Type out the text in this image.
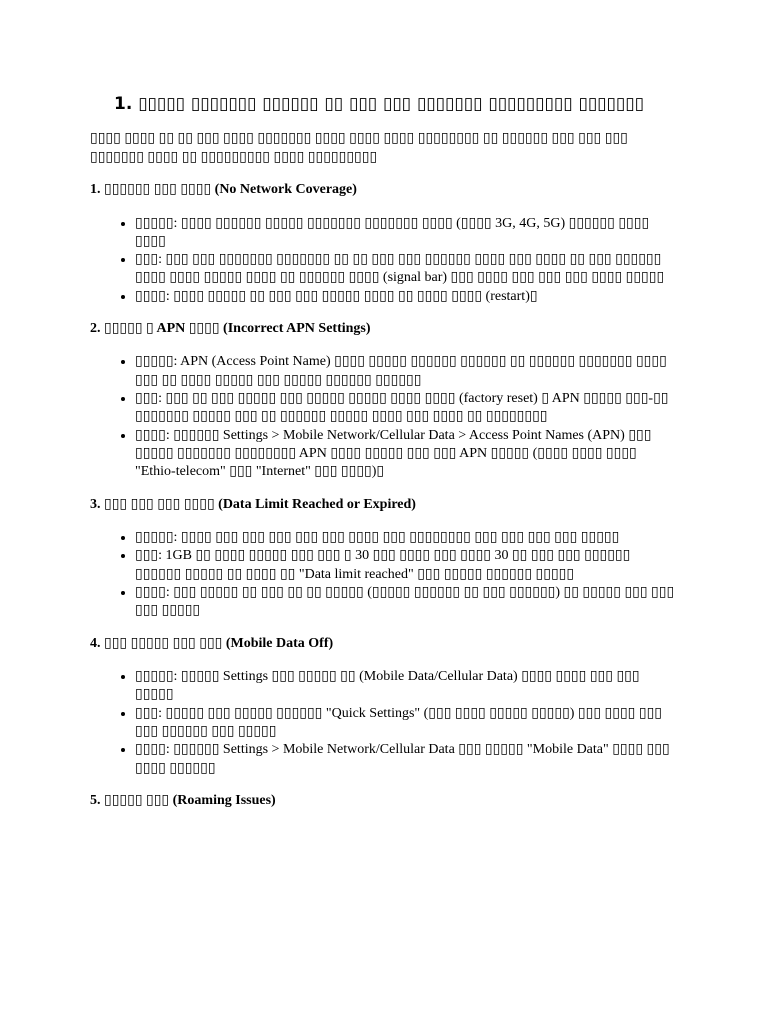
1. ▯▯▯▯▯ ▯▯▯▯▯▯▯ ▯▯▯▯▯▯ ▯▯ ▯▯▯ ▯▯▯ ▯▯▯▯▯▯▯ ▯▯▯▯▯▯▯▯▯ ▯▯▯▯▯▯▯

▯▯▯▯ ▯▯▯▯ ▯▯ ▯▯ ▯▯▯ ▯▯▯▯ ▯▯▯▯▯▯▯ ▯▯▯▯ ▯▯▯▯ ▯▯▯▯ ▯▯▯▯▯▯▯▯ ▯▯ ▯▯▯▯▯▯ ▯▯▯ ▯▯▯ ▯▯▯ ▯▯▯▯▯▯▯ ▯▯▯▯ ▯▯ ▯▯▯▯▯▯▯▯▯ ▯▯▯▯ ▯▯▯▯▯▯▯▯▯

1. ▯▯▯▯▯▯ ▯▯▯ ▯▯▯▯ (No Network Coverage)
• ▯▯▯▯▯: ▯▯▯▯ ▯▯▯▯▯▯ ▯▯▯▯▯ ▯▯▯▯▯▯▯ ▯▯▯▯▯▯▯ ▯▯▯▯ (▯▯▯▯ 3G, 4G, 5G) ▯▯▯▯▯▯ ▯▯▯▯ ▯▯▯▯
• ▯▯▯: ▯▯▯ ▯▯▯ ▯▯▯▯▯▯▯ ▯▯▯▯▯▯▯ ▯▯ ▯▯ ▯▯▯ ▯▯▯ ▯▯▯▯▯▯ ▯▯▯▯ ▯▯▯ ▯▯▯▯ ▯▯ ▯▯▯ ▯▯▯▯▯▯ ▯▯▯▯ ▯▯▯▯ ▯▯▯▯▯ ▯▯▯▯ ▯▯ ▯▯▯▯▯▯ ▯▯▯▯ (signal bar) ▯▯▯ ▯▯▯▯ ▯▯▯ ▯▯▯ ▯▯▯ ▯▯▯▯ ▯▯▯▯▯
• ▯▯▯▯: ▯▯▯▯ ▯▯▯▯▯ ▯▯ ▯▯▯ ▯▯▯ ▯▯▯▯▯ ▯▯▯▯ ▯▯ ▯▯▯▯ ▯▯▯▯ (restart)▯
2. ▯▯▯▯▯ ▯ APN ▯▯▯▯ (Incorrect APN Settings)
• ▯▯▯▯▯: APN (Access Point Name) ▯▯▯▯ ▯▯▯▯▯ ▯▯▯▯▯▯ ▯▯▯▯▯▯ ▯▯ ▯▯▯▯▯▯ ▯▯▯▯▯▯▯ ▯▯▯▯ ▯▯▯ ▯▯ ▯▯▯▯ ▯▯▯▯▯ ▯▯▯ ▯▯▯▯▯ ▯▯▯▯▯▯ ▯▯▯▯▯▯
• ▯▯▯: ▯▯▯ ▯▯ ▯▯▯ ▯▯▯▯▯ ▯▯▯ ▯▯▯▯▯ ▯▯▯▯▯ ▯▯▯▯ ▯▯▯▯ (factory reset) ▯ APN ▯▯▯▯▯ ▯▯▯-▯▯ ▯▯▯▯▯▯▯ ▯▯▯▯▯ ▯▯▯ ▯▯ ▯▯▯▯▯▯ ▯▯▯▯▯ ▯▯▯▯ ▯▯▯ ▯▯▯▯ ▯▯ ▯▯▯▯▯▯▯▯
• ▯▯▯▯: ▯▯▯▯▯▯ Settings > Mobile Network/Cellular Data > Access Point Names (APN) ▯▯▯ ▯▯▯▯▯ ▯▯▯▯▯▯▯ ▯▯▯▯▯▯▯▯ APN ▯▯▯▯ ▯▯▯▯▯ ▯▯▯ ▯▯▯ APN ▯▯▯▯▯ (▯▯▯▯ ▯▯▯▯ ▯▯▯▯ "Ethio-telecom" ▯▯▯ "Internet" ▯▯▯ ▯▯▯▯)▯
3. ▯▯▯ ▯▯▯ ▯▯▯ ▯▯▯▯ (Data Limit Reached or Expired)
• ▯▯▯▯▯: ▯▯▯▯ ▯▯▯ ▯▯▯ ▯▯▯ ▯▯▯ ▯▯▯ ▯▯▯▯ ▯▯▯ ▯▯▯▯▯▯▯▯ ▯▯▯ ▯▯▯ ▯▯▯ ▯▯▯ ▯▯▯▯▯
• ▯▯▯: 1GB ▯▯ ▯▯▯▯ ▯▯▯▯▯ ▯▯▯ ▯▯▯ ▯ 30 ▯▯▯ ▯▯▯▯ ▯▯▯ ▯▯▯▯ 30 ▯▯ ▯▯▯ ▯▯▯ ▯▯▯▯▯▯ ▯▯▯▯▯▯ ▯▯▯▯▯ ▯▯ ▯▯▯▯ ▯▯ "Data limit reached" ▯▯▯ ▯▯▯▯▯ ▯▯▯▯▯▯ ▯▯▯▯▯
• ▯▯▯▯: ▯▯▯ ▯▯▯▯▯ ▯▯ ▯▯▯ ▯▯ ▯▯ ▯▯▯▯▯ (▯▯▯▯▯ ▯▯▯▯▯▯ ▯▯ ▯▯▯ ▯▯▯▯▯▯) ▯▯ ▯▯▯▯▯ ▯▯▯ ▯▯▯ ▯▯▯ ▯▯▯▯▯
4. ▯▯▯ ▯▯▯▯▯ ▯▯▯ ▯▯▯ (Mobile Data Off)
• ▯▯▯▯▯: ▯▯▯▯▯ Settings ▯▯▯ ▯▯▯▯▯ ▯▯ (Mobile Data/Cellular Data) ▯▯▯▯ ▯▯▯▯ ▯▯▯ ▯▯▯ ▯▯▯▯▯
• ▯▯▯: ▯▯▯▯▯ ▯▯▯ ▯▯▯▯▯ ▯▯▯▯▯▯ "Quick Settings" (▯▯▯ ▯▯▯▯ ▯▯▯▯▯ ▯▯▯▯▯) ▯▯▯ ▯▯▯▯ ▯▯▯ ▯▯▯ ▯▯▯▯▯▯ ▯▯▯ ▯▯▯▯▯
• ▯▯▯▯: ▯▯▯▯▯▯ Settings > Mobile Network/Cellular Data ▯▯▯ ▯▯▯▯▯ "Mobile Data" ▯▯▯▯ ▯▯▯ ▯▯▯▯ ▯▯▯▯▯▯
5. ▯▯▯▯▯ ▯▯▯ (Roaming Issues)
